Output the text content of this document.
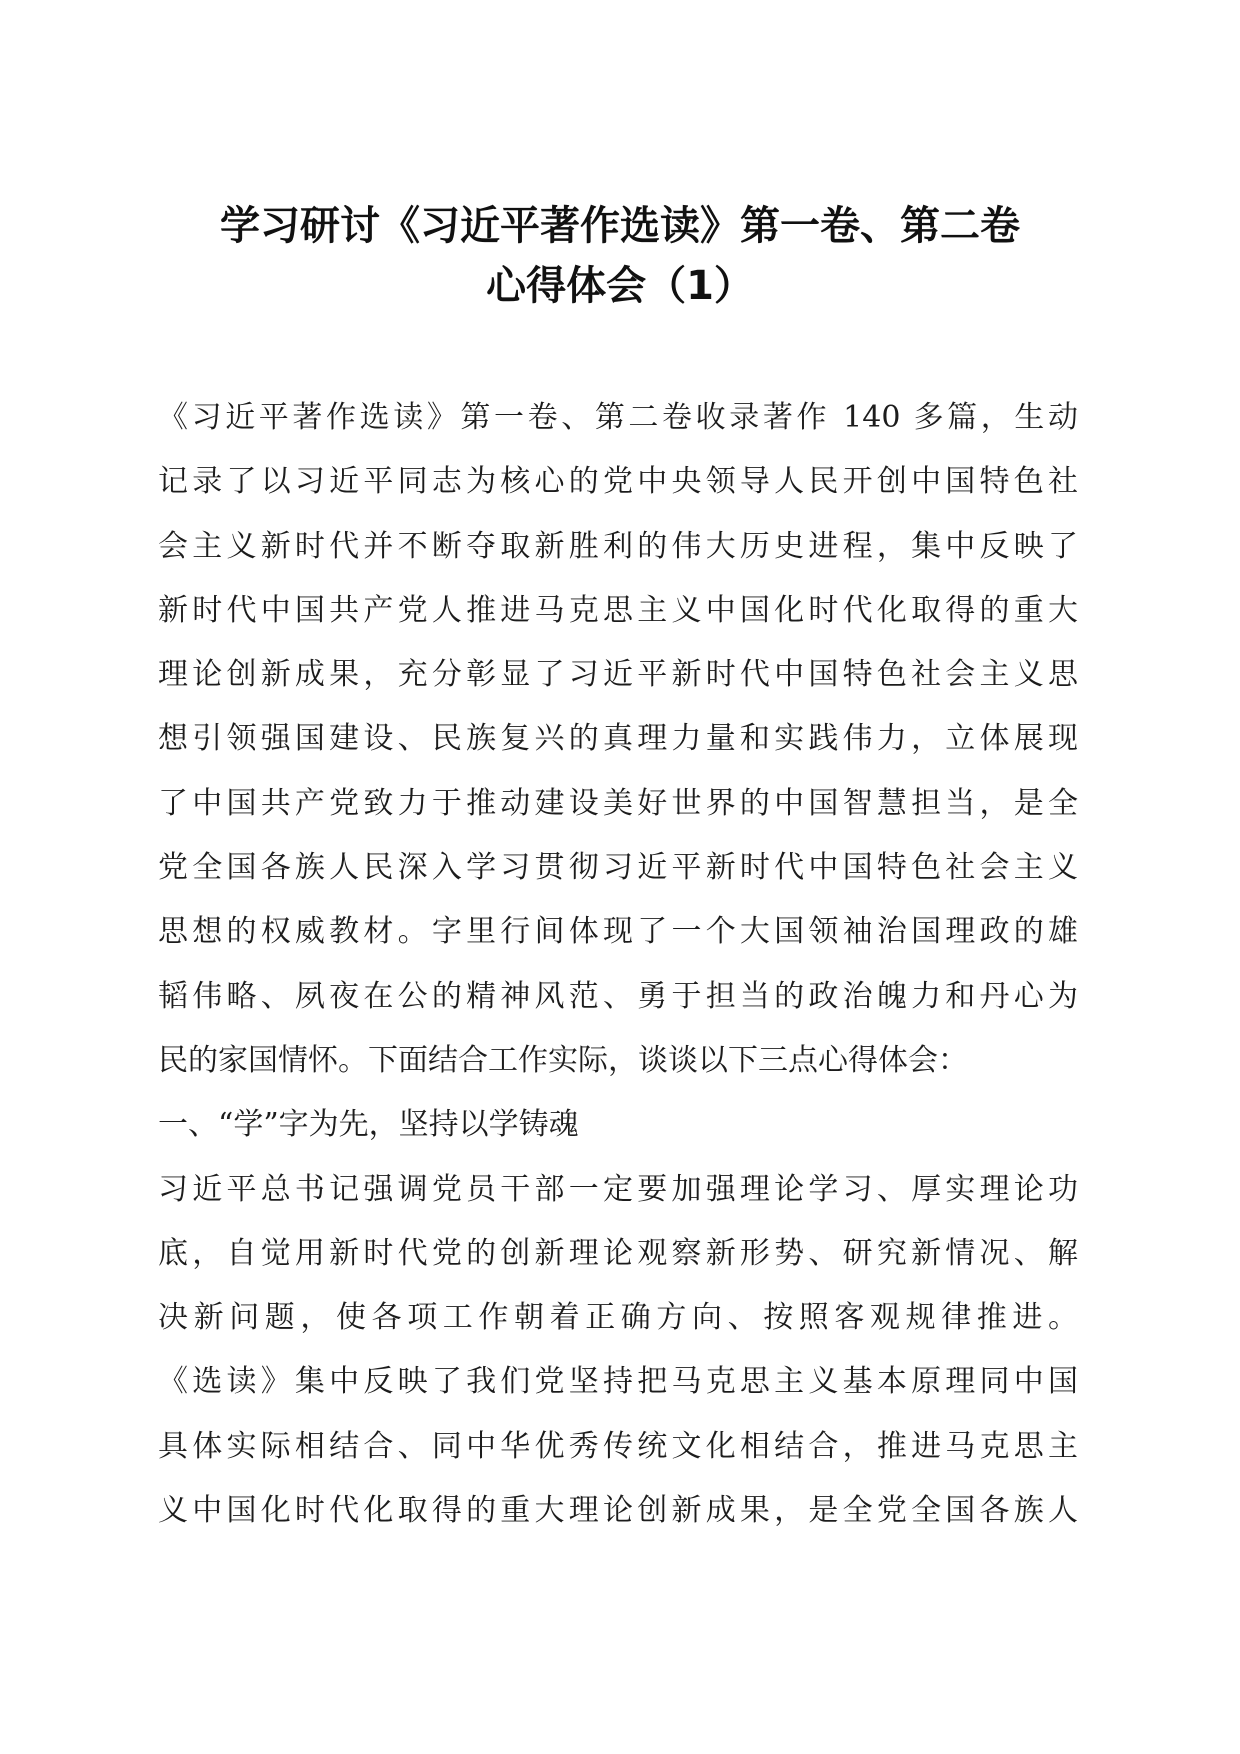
学习研讨《习近平著作选读》第一卷、第二卷
心得体会（1）
《习近平著作选读》第一卷、第二卷收录著作 140 多篇，生动
记录了以习近平同志为核心的党中央领导人民开创中国特色社
会主义新时代并不断夺取新胜利的伟大历史进程，集中反映了
新时代中国共产党人推进马克思主义中国化时代化取得的重大
理论创新成果，充分彰显了习近平新时代中国特色社会主义思
想引领强国建设、民族复兴的真理力量和实践伟力，立体展现
了中国共产党致力于推动建设美好世界的中国智慧担当，是全
党全国各族人民深入学习贯彻习近平新时代中国特色社会主义
思想的权威教材。字里行间体现了一个大国领袖治国理政的雄
韬伟略、夙夜在公的精神风范、勇于担当的政治魄力和丹心为
民的家国情怀。下面结合工作实际，谈谈以下三点心得体会：
一、“学”字为先，坚持以学铸魂
习近平总书记强调党员干部一定要加强理论学习、厚实理论功
底，自觉用新时代党的创新理论观察新形势、研究新情况、解
决新问题，使各项工作朝着正确方向、按照客观规律推进。
《选读》集中反映了我们党坚持把马克思主义基本原理同中国
具体实际相结合、同中华优秀传统文化相结合，推进马克思主
义中国化时代化取得的重大理论创新成果，是全党全国各族人
